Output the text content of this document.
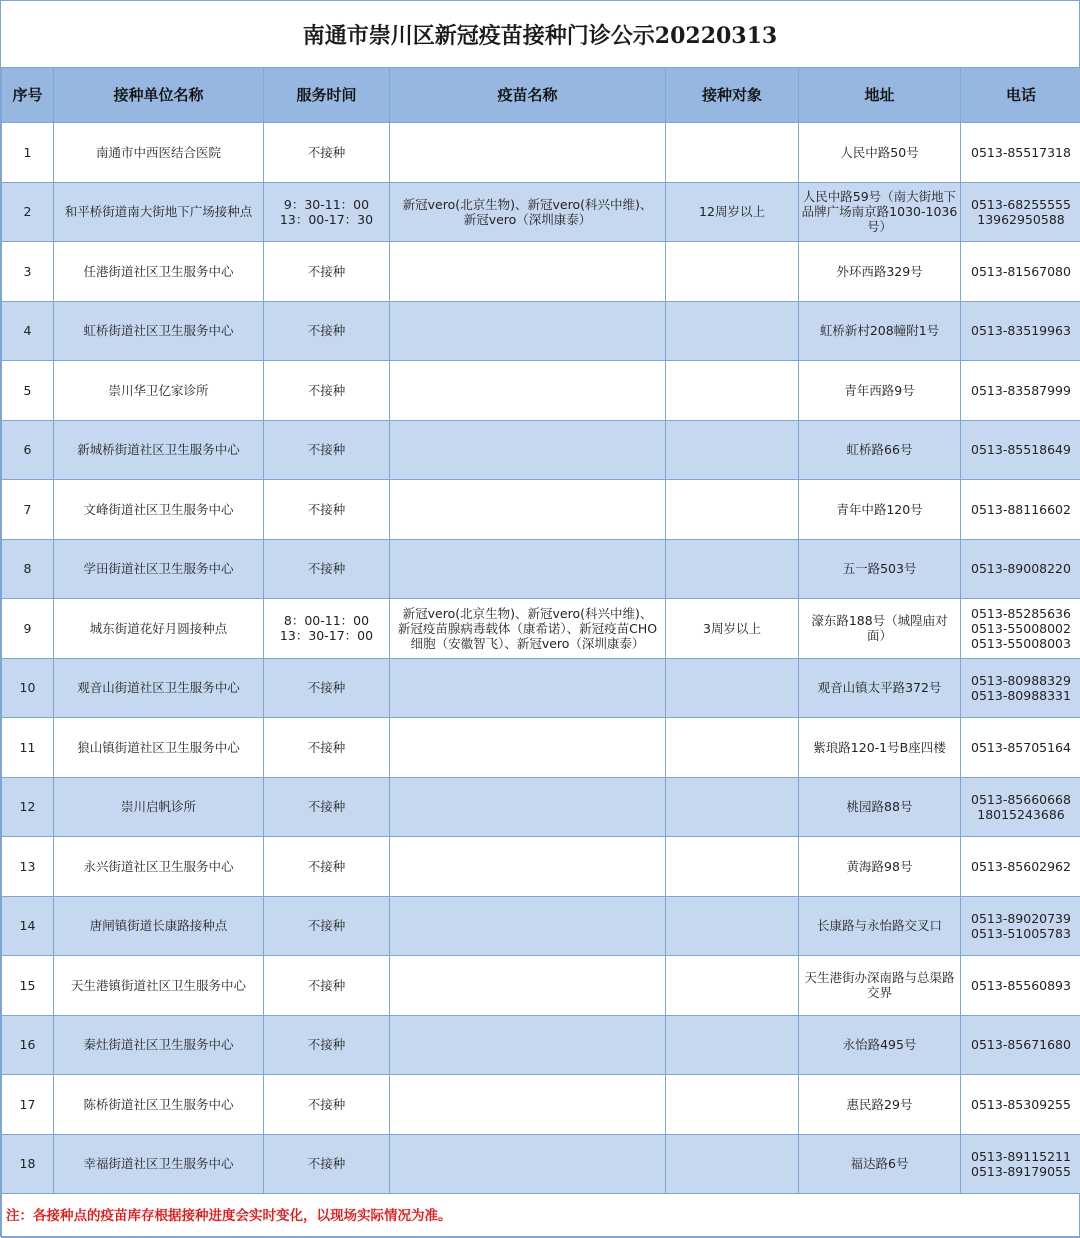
南通市崇川区新冠疫苗接种门诊公示20220313
序号	接种单位名称	服务时间	疫苗名称	接种对象	地址	电话
1	南通市中西医结合医院	不接种			人民中路50号	0513-85517318

2	和平桥街道南大街地下广场接种点	9：30-11：00
13：00-17：30	新冠vero(北京生物)、新冠vero(科兴中维)、
新冠vero（深圳康泰）	12周岁以上	人民中路59号（南大街地下
品牌广场南京路1030-1036
号）	0513-68255555
13962950588

3	任港街道社区卫生服务中心	不接种			外环西路329号	0513-81567080

4	虹桥街道社区卫生服务中心	不接种			虹桥新村208幢附1号	0513-83519963

5	崇川华卫亿家诊所	不接种			青年西路9号	0513-83587999

6	新城桥街道社区卫生服务中心	不接种			虹桥路66号	0513-85518649

7	文峰街道社区卫生服务中心	不接种			青年中路120号	0513-88116602

8	学田街道社区卫生服务中心	不接种			五一路503号	0513-89008220

9	城东街道花好月圆接种点	8：00-11：00
13：30-17：00	新冠vero(北京生物)、新冠vero(科兴中维)、
新冠疫苗腺病毒载体（康希诺）、新冠疫苗CHO
细胞（安徽智飞）、新冠vero（深圳康泰）	3周岁以上	濠东路188号（城隍庙对
面）	0513-85285636
0513-55008002
0513-55008003

10	观音山街道社区卫生服务中心	不接种			观音山镇太平路372号	0513-80988329
0513-80988331

11	狼山镇街道社区卫生服务中心	不接种			紫琅路120-1号B座四楼	0513-85705164

12	崇川启帆诊所	不接种			桃园路88号	0513-85660668
18015243686

13	永兴街道社区卫生服务中心	不接种			黄海路98号	0513-85602962

14	唐闸镇街道长康路接种点	不接种			长康路与永怡路交叉口	0513-89020739
0513-51005783

15	天生港镇街道社区卫生服务中心	不接种			天生港街办深南路与总渠路
交界	0513-85560893

16	秦灶街道社区卫生服务中心	不接种			永怡路495号	0513-85671680

17	陈桥街道社区卫生服务中心	不接种			惠民路29号	0513-85309255

18	幸福街道社区卫生服务中心	不接种			福达路6号	0513-89115211
0513-89179055
注：各接种点的疫苗库存根据接种进度会实时变化，以现场实际情况为准。
